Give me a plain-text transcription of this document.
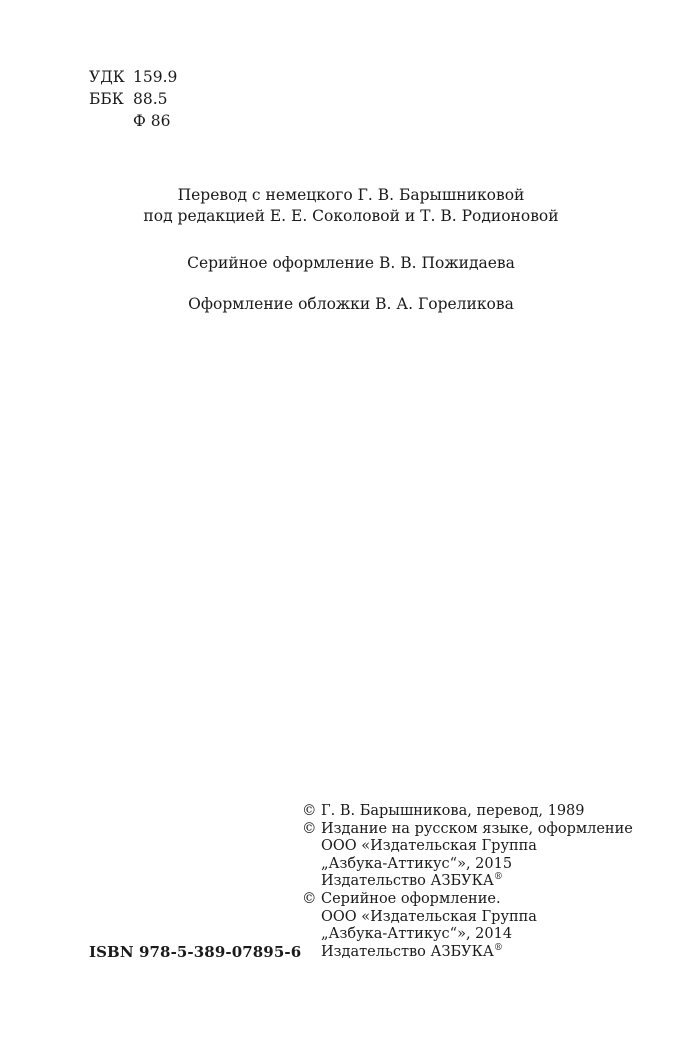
УДК 159.9
ББК 88.5
Ф 86
Перевод с немецкого Г. В. Барышниковой
под редакцией Е. Е. Соколовой и Т. В. Родионовой
Серийное оформление В. В. Пожидаева
Оформление обложки В. А. Гореликова
© Г. В. Барышникова, перевод, 1989
© Издание на русском языке, оформление
ООО «Издательская Группа
„Азбука-Аттикус“», 2015
Издательство АЗБУКА®
© Серийное оформление.
ООО «Издательская Группа
„Азбука-Аттикус“», 2014
Издательство АЗБУКА®
ISBN 978-5-389-07895-6
